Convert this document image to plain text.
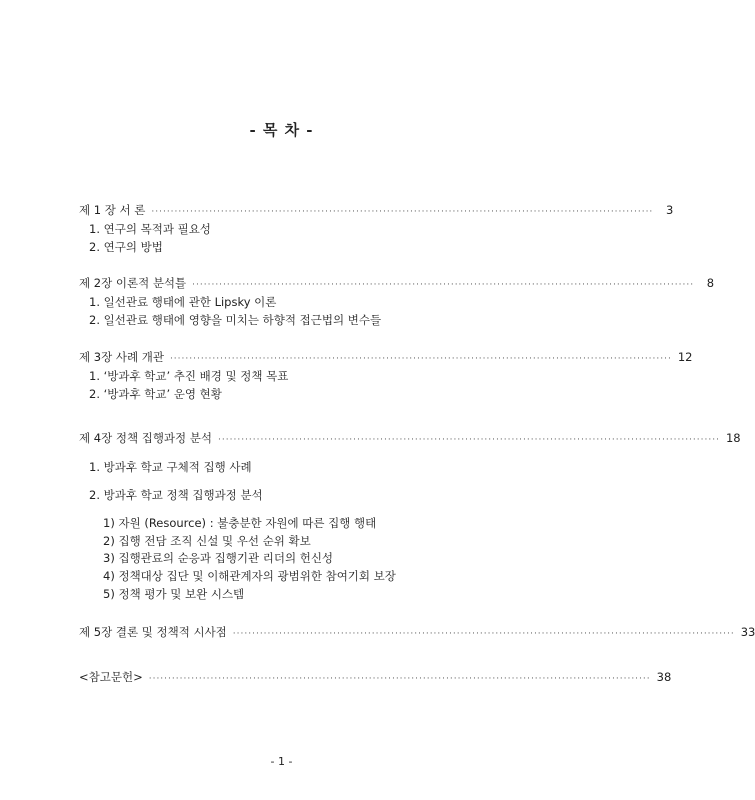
- 목 차 -
제 1 장 서 론 ··································································································································	3
1. 연구의 목적과 필요성
2. 연구의 방법
제 2장 이론적 분석틀 ··································································································································	8
1. 일선관료 행태에 관한 Lipsky 이론
2. 일선관료 행태에 영향을 미치는 하향적 접근법의 변수들
제 3장 사례 개관 ·································································································································· 12
1. ‘방과후 학교’ 추진 배경 및 정책 목표
2. ‘방과후 학교’ 운영 현황
제 4장 정책 집행과정 분석 ·································································································································· 18
1. 방과후 학교 구체적 집행 사례
2. 방과후 학교 정책 집행과정 분석
1) 자원 (Resource) : 불충분한 자원에 따른 집행 행태
2) 집행 전담 조직 신설 및 우선 순위 확보
3) 집행관료의 순응과 집행기관 리더의 헌신성
4) 정책대상 집단 및 이해관계자의 광범위한 참여기회 보장
5) 정책 평가 및 보완 시스템
제 5장 결론 및 정책적 시사점 ·································································································································· 33
<참고문헌> ·································································································································· 38
- 1 -
